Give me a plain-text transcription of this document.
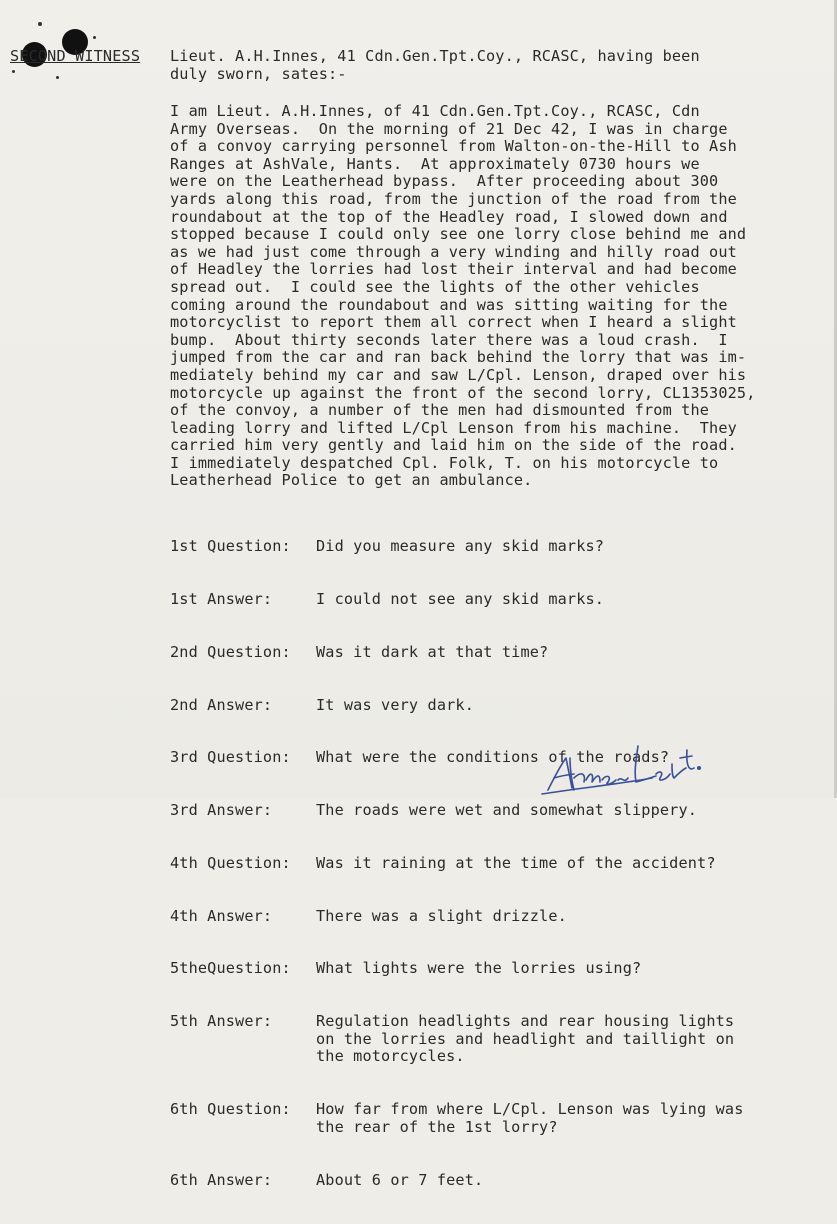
SECOND WITNESS Lieut. A.H.Innes, 41 Cdn.Gen.Tpt.Coy., RCASC, having been
duly sworn, sates:-
I am Lieut. A.H.Innes, of 41 Cdn.Gen.Tpt.Coy., RCASC, Cdn
Army Overseas.  On the morning of 21 Dec 42, I was in charge
of a convoy carrying personnel from Walton-on-the-Hill to Ash
Ranges at AshVale, Hants.  At approximately 0730 hours we
were on the Leatherhead bypass.  After proceeding about 300
yards along this road, from the junction of the road from the
roundabout at the top of the Headley road, I slowed down and
stopped because I could only see one lorry close behind me and
as we had just come through a very winding and hilly road out
of Headley the lorries had lost their interval and had become
spread out.  I could see the lights of the other vehicles
coming around the roundabout and was sitting waiting for the
motorcyclist to report them all correct when I heard a slight
bump.  About thirty seconds later there was a loud crash.  I
jumped from the car and ran back behind the lorry that was im-
mediately behind my car and saw L/Cpl. Lenson, draped over his
motorcycle up against the front of the second lorry, CL1353025,
of the convoy, a number of the men had dismounted from the
leading lorry and lifted L/Cpl Lenson from his machine.  They
carried him very gently and laid him on the side of the road.
I immediately despatched Cpl. Folk, T. on his motorcycle to
Leatherhead Police to get an ambulance.

1st Question:	Did you measure any skid marks?

1st Answer:	I could not see any skid marks.

2nd Question:	Was it dark at that time?

2nd Answer:	It was very dark.

3rd Question:	What were the conditions of the roads?

3rd Answer:	The roads were wet and somewhat slippery.

4th Question:	Was it raining at the time of the accident?

4th Answer:	There was a slight drizzle.

5theQuestion:	What lights were the lorries using?

5th Answer:	Regulation headlights and rear housing lights
on the lorries and headlight and taillight on
the motorcycles.

6th Question:	How far from where L/Cpl. Lenson was lying was
the rear of the 1st lorry?

6th Answer:	About 6 or 7 feet.
